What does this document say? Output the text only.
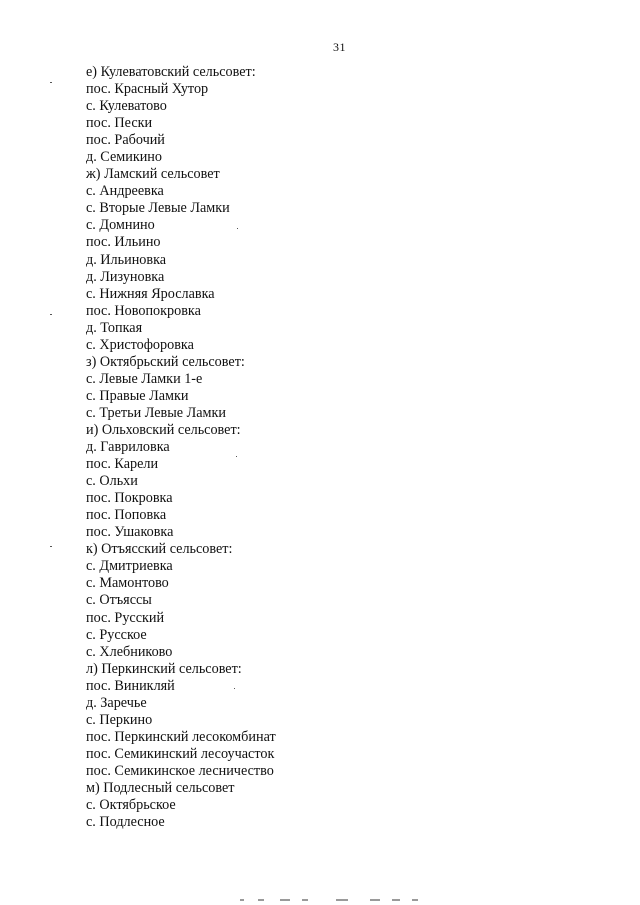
31
е) Кулеватовский сельсовет:
пос. Красный Хутор
с. Кулеватово
пос. Пески
пос. Рабочий
д. Семикино
ж) Ламский сельсовет
с. Андреевка
с. Вторые Левые Ламки
с. Домнино
пос. Ильино
д. Ильиновка
д. Лизуновка
с. Нижняя Ярославка
пос. Новопокровка
д. Топкая
с. Христофоровка
з) Октябрьский сельсовет:
с. Левые Ламки 1-е
с. Правые Ламки
с. Третьи Левые Ламки
и) Ольховский сельсовет:
д. Гавриловка
пос. Карели
с. Ольхи
пос. Покровка
пос. Поповка
пос. Ушаковка
к) Отъясский сельсовет:
с. Дмитриевка
с. Мамонтово
с. Отъяссы
пос. Русский
с. Русское
с. Хлебниково
л) Перкинский сельсовет:
пос. Виникляй
д. Заречье
с. Перкино
пос. Перкинский лесокомбинат
пос. Семикинский лесоучасток
пос. Семикинское лесничество
м) Подлесный сельсовет
с. Октябрьское
с. Подлесное
